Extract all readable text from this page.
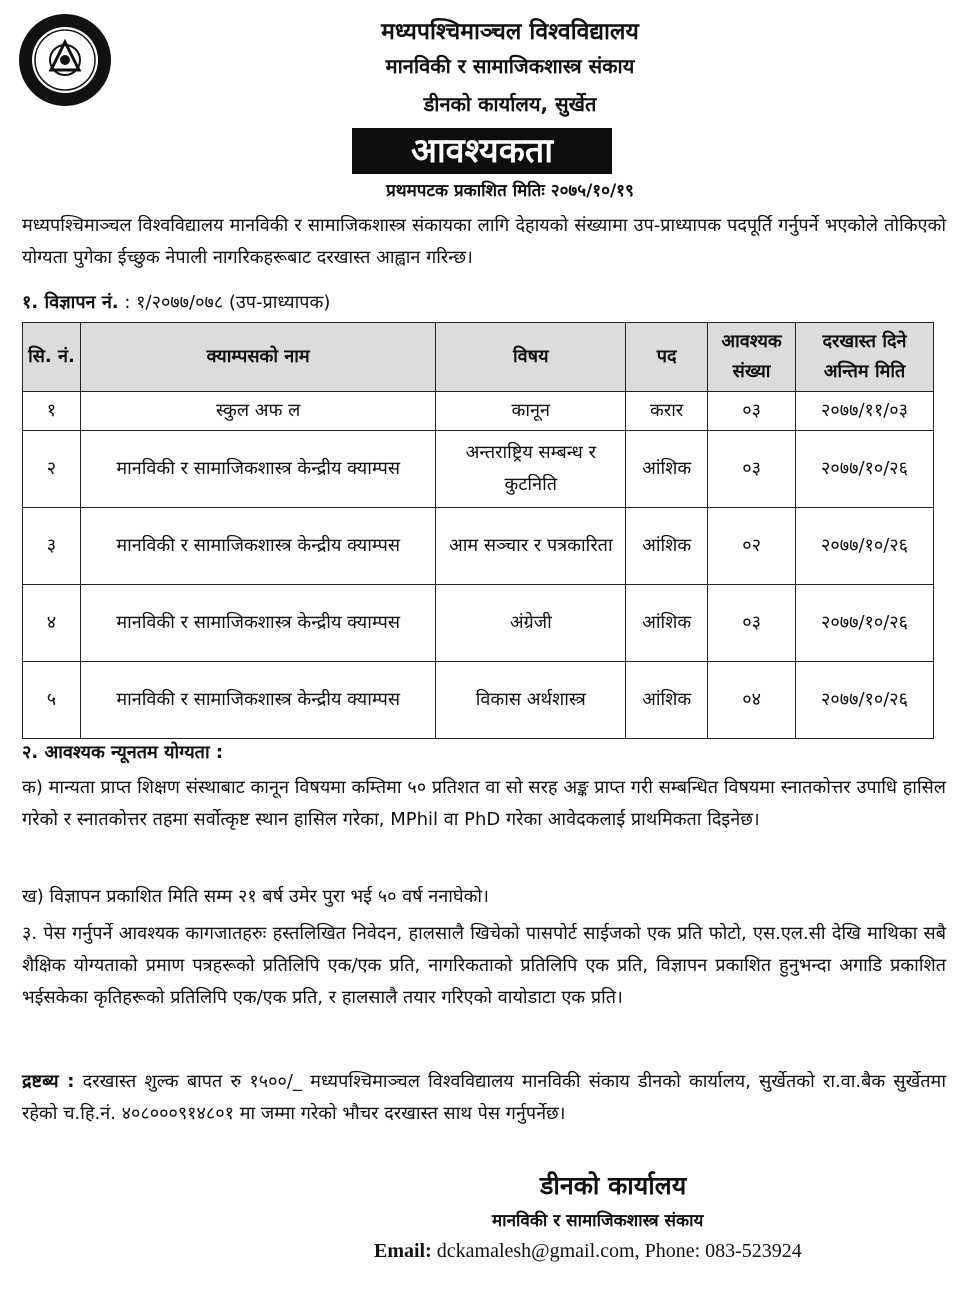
मध्यपश्चिमाञ्चल विश्वविद्यालय
मानविकी र सामाजिकशास्त्र संकाय
डीनको कार्यालय, सुर्खेत
आवश्यकता
प्रथमपटक प्रकाशित मितिः २०७५/१०/१९
मध्यपश्चिमाञ्चल विश्वविद्यालय मानविकी र सामाजिकशास्त्र संकायका लागि देहायको संख्यामा उप-प्राध्यापक पदपूर्ति गर्नुपर्ने भएकोले तोकिएको योग्यता पुगेका ईच्छुक नेपाली नागरिकहरूबाट दरखास्त आह्वान गरिन्छ।
१. विज्ञापन नं. : १/२०७७/०७८ (उप-प्राध्यापक)
सि. नं.	क्याम्पसको नाम	विषय	पद	आवश्यक संख्या	दरखास्त दिने अन्तिम मिति
१	स्कुल अफ ल	कानून	करार	०३	२०७७/११/०३
२	मानविकी र सामाजिकशास्त्र केन्द्रीय क्याम्पस	अन्तराष्ट्रिय सम्बन्ध र कुटनिति	आंशिक	०३	२०७७/१०/२६
३	मानविकी र सामाजिकशास्त्र केन्द्रीय क्याम्पस	आम सञ्चार र पत्रकारिता	आंशिक	०२	२०७७/१०/२६
४	मानविकी र सामाजिकशास्त्र केन्द्रीय क्याम्पस	अंग्रेजी	आंशिक	०३	२०७७/१०/२६
५	मानविकी र सामाजिकशास्त्र केन्द्रीय क्याम्पस	विकास अर्थशास्त्र	आंशिक	०४	२०७७/१०/२६
२. आवश्यक न्यूनतम योग्यता :
क) मान्यता प्राप्त शिक्षण संस्थाबाट कानून विषयमा कम्तिमा ५० प्रतिशत वा सो सरह अङ्क प्राप्त गरी सम्बन्धित विषयमा स्नातकोत्तर उपाधि हासिल गरेको र स्नातकोत्तर तहमा सर्वोत्कृष्ट स्थान हासिल गरेका, MPhil वा PhD गरेका आवेदकलाई प्राथमिकता दिइनेछ।
ख) विज्ञापन प्रकाशित मिति सम्म २१ बर्ष उमेर पुरा भई ५० वर्ष ननाघेको।
३. पेस गर्नुपर्ने आवश्यक कागजातहरुः हस्तलिखित निवेदन, हालसालै खिचेको पासपोर्ट साईजको एक प्रति फोटो, एस.एल.सी देखि माथिका सबै शैक्षिक योग्यताको प्रमाण पत्रहरूको प्रतिलिपि एक/एक प्रति, नागरिकताको प्रतिलिपि एक प्रति, विज्ञापन प्रकाशित हुनुभन्दा अगाडि प्रकाशित भईसकेका कृतिहरूको प्रतिलिपि एक/एक प्रति, र हालसालै तयार गरिएको वायोडाटा एक प्रति।
द्रष्टब्य : दरखास्त शुल्क बापत रु १५००/_ मध्यपश्चिमाञ्चल विश्वविद्यालय मानविकी संकाय डीनको कार्यालय, सुर्खेतको रा.वा.बैक सुर्खेतमा रहेको च.हि.नं. ४०८०००९१४८०१ मा जम्मा गरेको भौचर दरखास्त साथ पेस गर्नुपर्नेछ।
डीनको कार्यालय
मानविकी र सामाजिकशास्त्र संकाय
Email: dckamalesh@gmail.com, Phone: 083-523924
